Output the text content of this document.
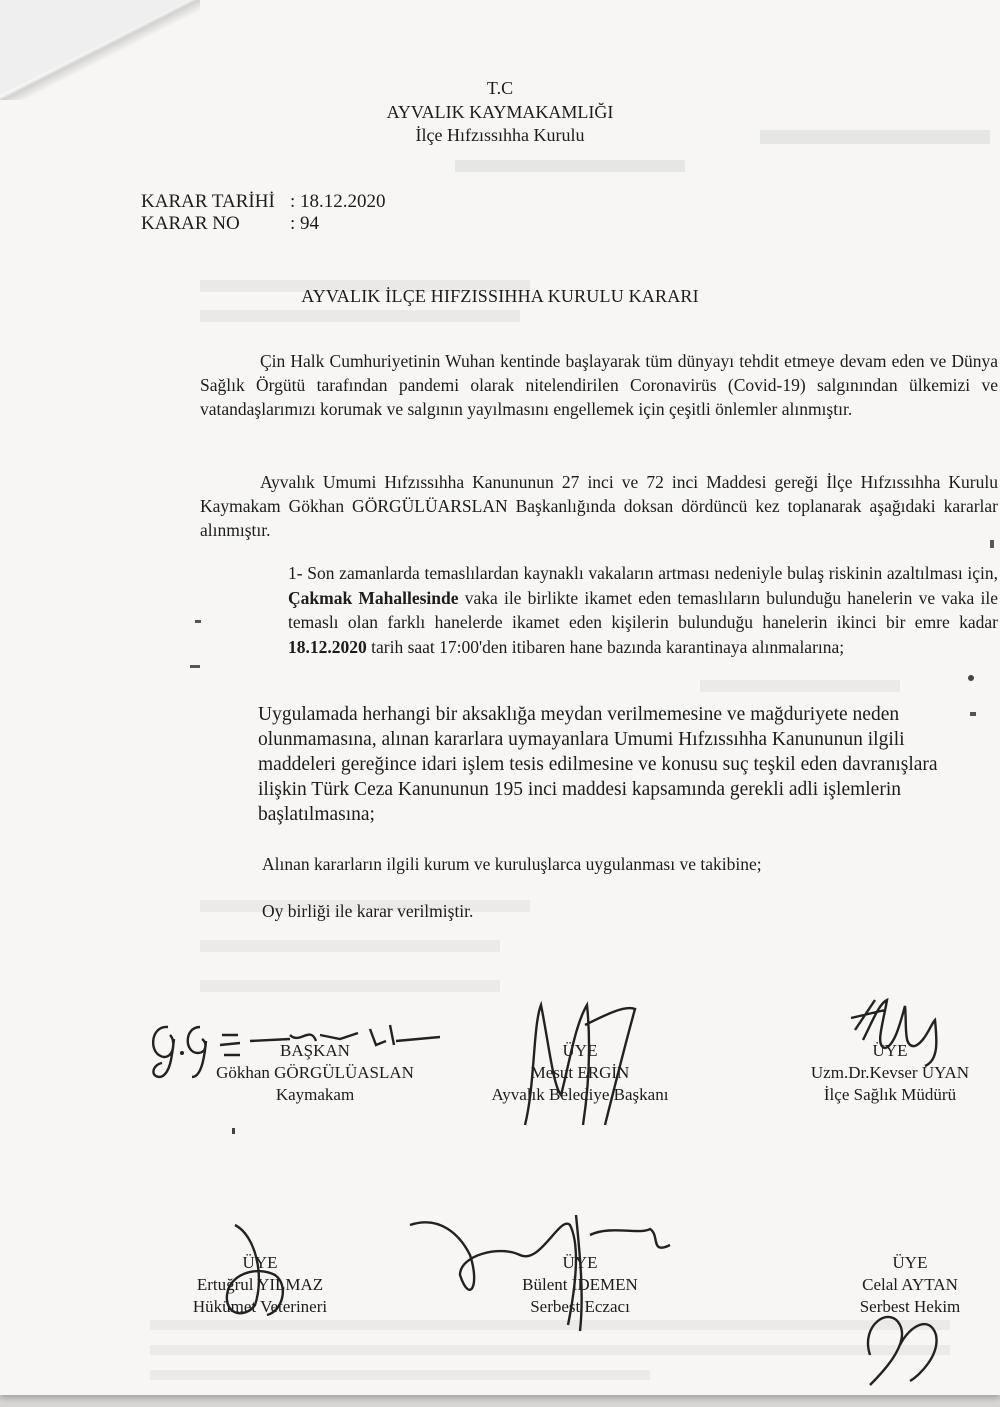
T.C
AYVALIK KAYMAKAMLIĞI
İlçe Hıfzıssıhha Kurulu
KARAR TARİHİ : 18.12.2020
KARAR NO	: 94
AYVALIK İLÇE HIFZISSIHHA KURULU KARARI
Çin Halk Cumhuriyetinin Wuhan kentinde başlayarak tüm dünyayı tehdit etmeye devam eden ve Dünya Sağlık Örgütü tarafından pandemi olarak nitelendirilen Coronavirüs (Covid-19) salgınından ülkemizi ve vatandaşlarımızı korumak ve salgının yayılmasını engellemek için çeşitli önlemler alınmıştır.
Ayvalık Umumi Hıfzıssıhha Kanununun 27 inci ve 72 inci Maddesi gereği İlçe Hıfzıssıhha Kurulu Kaymakam Gökhan GÖRGÜLÜARSLAN Başkanlığında doksan dördüncü kez toplanarak aşağıdaki kararlar alınmıştır.
1- Son zamanlarda temaslılardan kaynaklı vakaların artması nedeniyle bulaş riskinin azaltılması için, Çakmak Mahallesinde vaka ile birlikte ikamet eden temaslıların bulunduğu hanelerin ve vaka ile temaslı olan farklı hanelerde ikamet eden kişilerin bulunduğu hanelerin ikinci bir emre kadar 18.12.2020 tarih saat 17:00'den itibaren hane bazında karantinaya alınmalarına;
Uygulamada herhangi bir aksaklığa meydan verilmemesine ve mağduriyete neden olunmamasına, alınan kararlara uymayanlara Umumi Hıfzıssıhha Kanununun ilgili maddeleri gereğince idari işlem tesis edilmesine ve konusu suç teşkil eden davranışlara ilişkin Türk Ceza Kanununun 195 inci maddesi kapsamında gerekli adli işlemlerin başlatılmasına;
Alınan kararların ilgili kurum ve kuruluşlarca uygulanması ve takibine;
Oy birliği ile karar verilmiştir.
BAŞKAN
Gökhan GÖRGÜLÜASLAN
Kaymakam
ÜYE
Mesut ERGİN
Ayvalık Belediye Başkanı
ÜYE
Uzm.Dr.Kevser UYAN
İlçe Sağlık Müdürü
ÜYE
Ertuğrul YILMAZ
Hükümet Veterineri
ÜYE
Bülent İDEMEN
Serbest Eczacı
ÜYE
Celal AYTAN
Serbest Hekim
